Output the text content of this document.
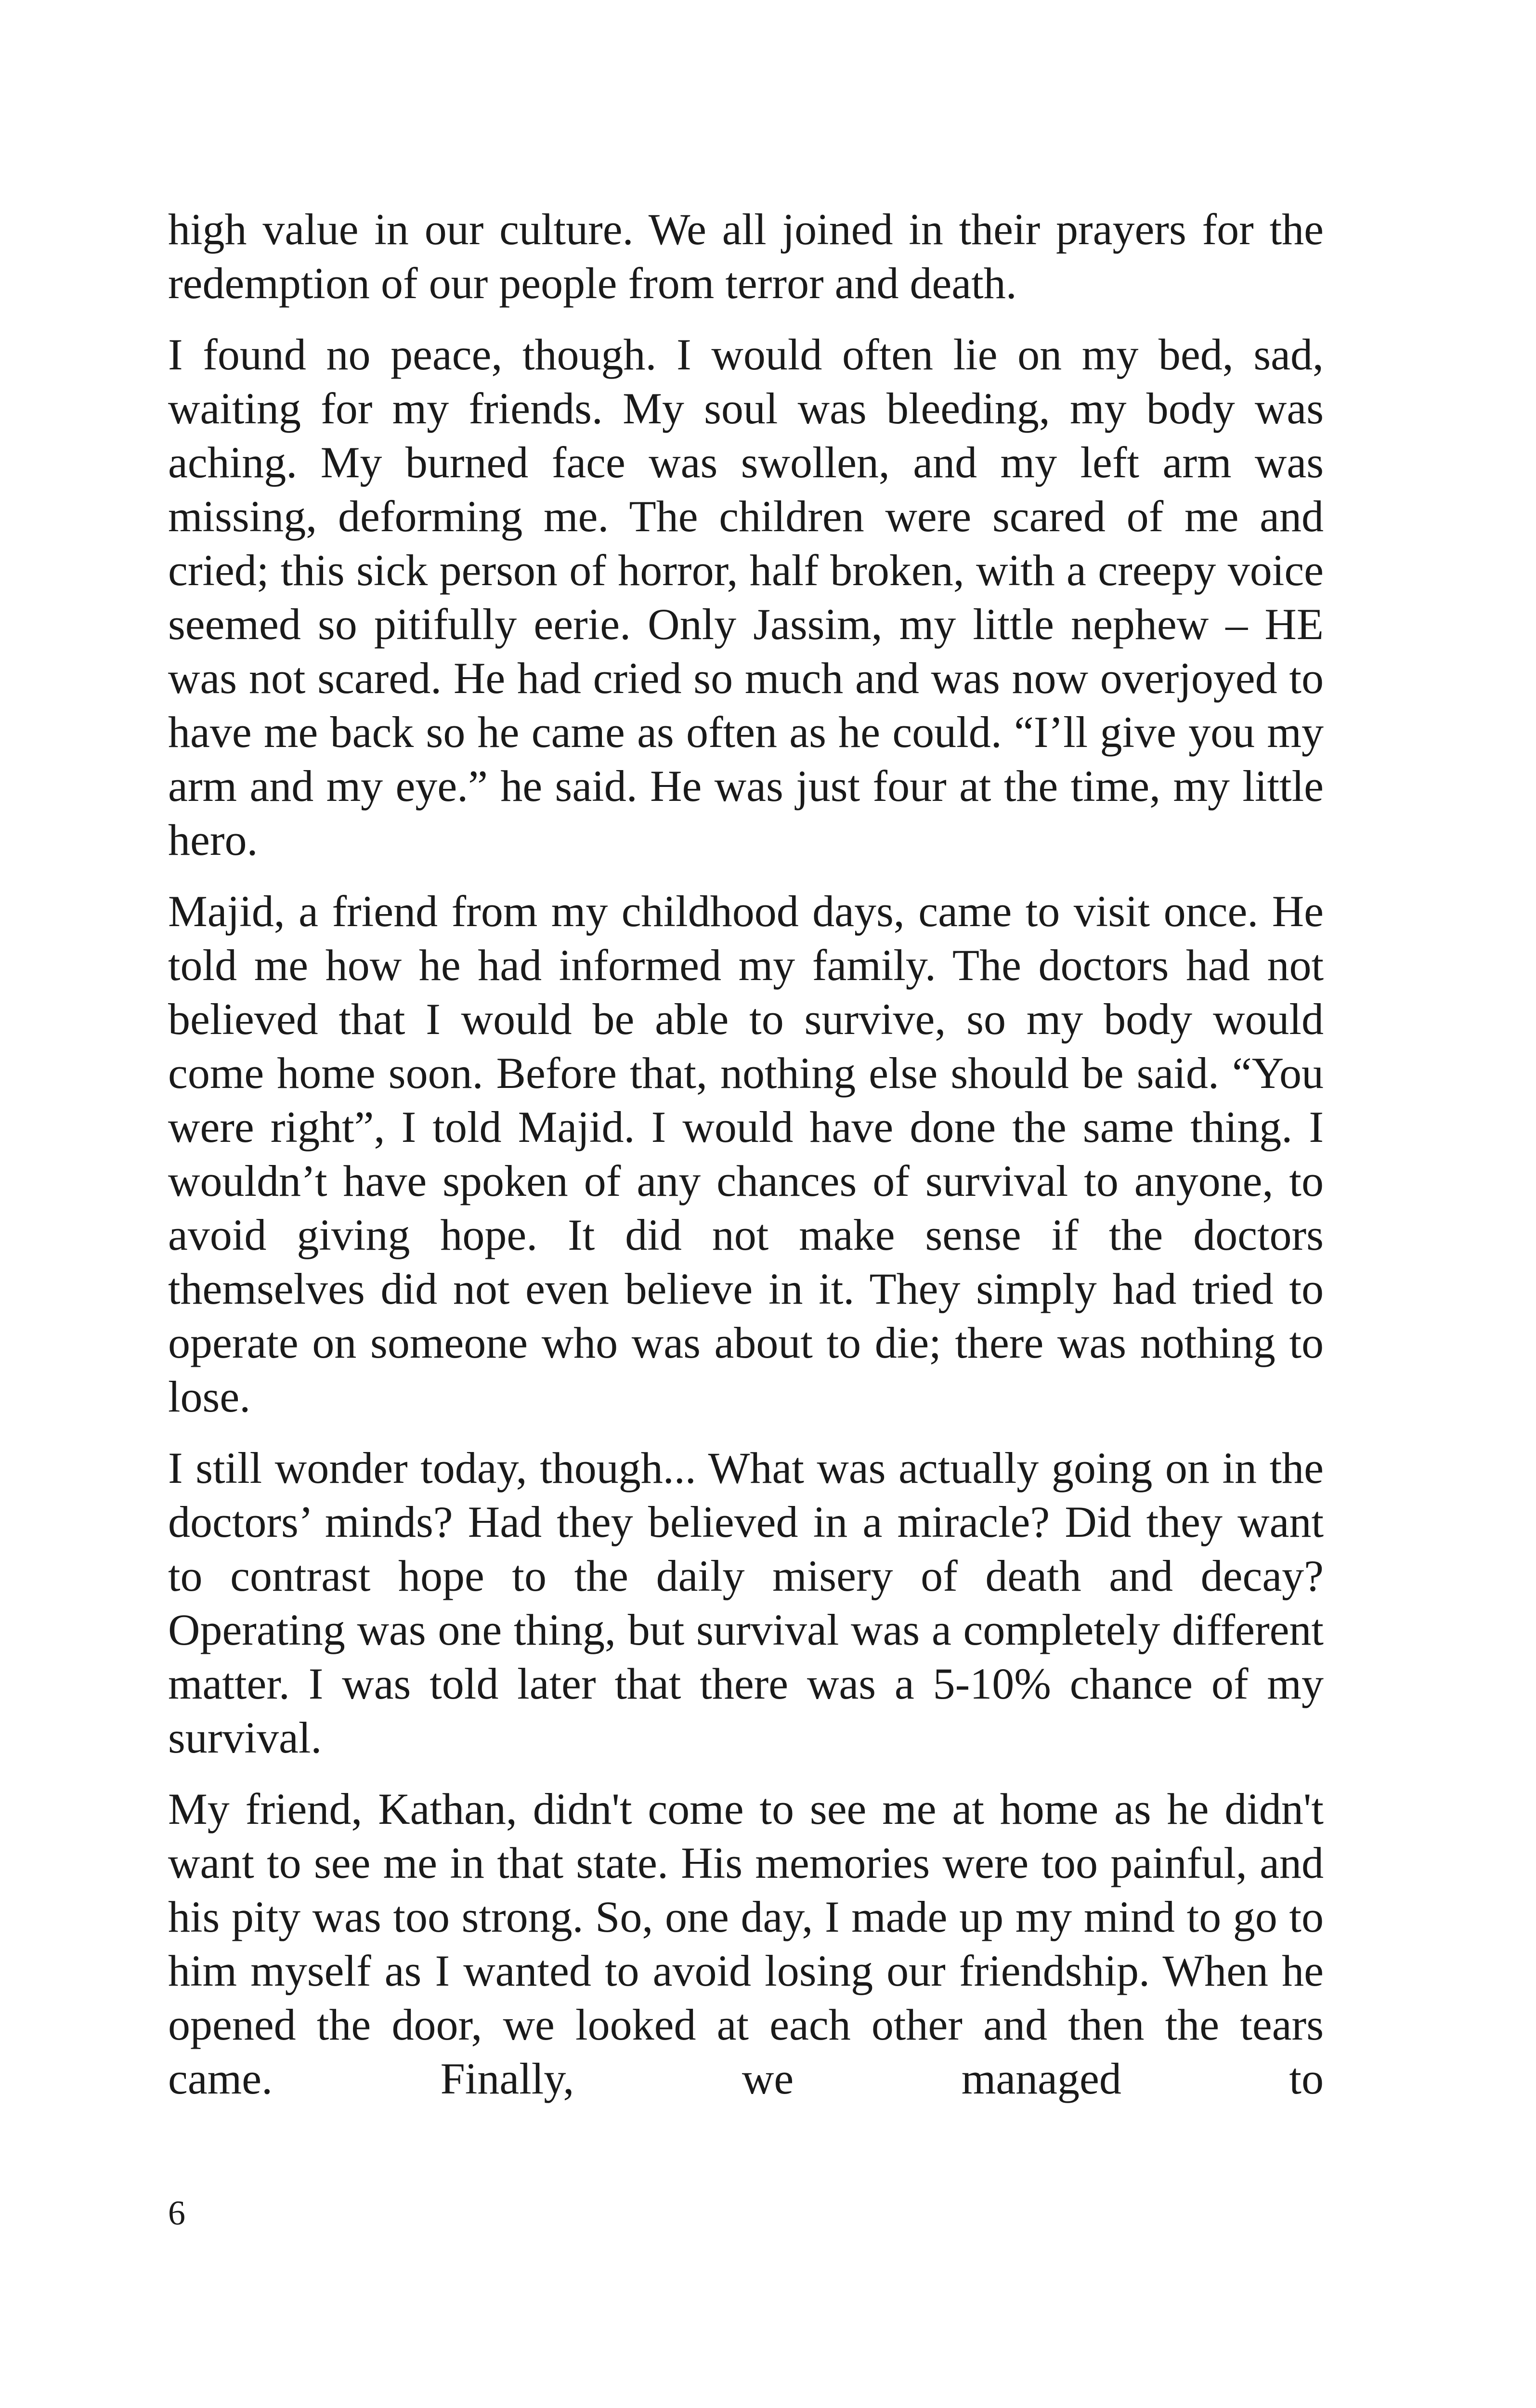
high value in our culture. We all joined in their prayers for the redemption of our people from terror and death.

I found no peace, though. I would often lie on my bed, sad, waiting for my friends. My soul was bleeding, my body was aching. My burned face was swollen, and my left arm was missing, deforming me. The children were scared of me and cried; this sick person of horror, half broken, with a creepy voice seemed so pitifully eerie. Only Jassim, my little nephew – HE was not scared. He had cried so much and was now overjoyed to have me back so he came as often as he could. “I’ll give you my arm and my eye.” he said. He was just four at the time, my little hero.

Majid, a friend from my childhood days, came to visit once. He told me how he had informed my family. The doctors had not believed that I would be able to survive, so my body would come home soon. Before that, nothing else should be said. “You were right”, I told Majid. I would have done the same thing. I wouldn’t have spoken of any chances of survival to anyone, to avoid giving hope. It did not make sense if the doctors themselves did not even believe in it. They simply had tried to operate on someone who was about to die; there was nothing to lose.

I still wonder today, though... What was actually going on in the doctors’ minds? Had they believed in a miracle? Did they want to contrast hope to the daily misery of death and decay? Operating was one thing, but survival was a completely different matter. I was told later that there was a 5-10% chance of my survival.

My friend, Kathan, didn't come to see me at home as he didn't want to see me in that state. His memories were too painful, and his pity was too strong. So, one day, I made up my mind to go to him myself as I wanted to avoid losing our friendship. When he opened the door, we looked at each other and then the tears came. Finally, we managed to

6
